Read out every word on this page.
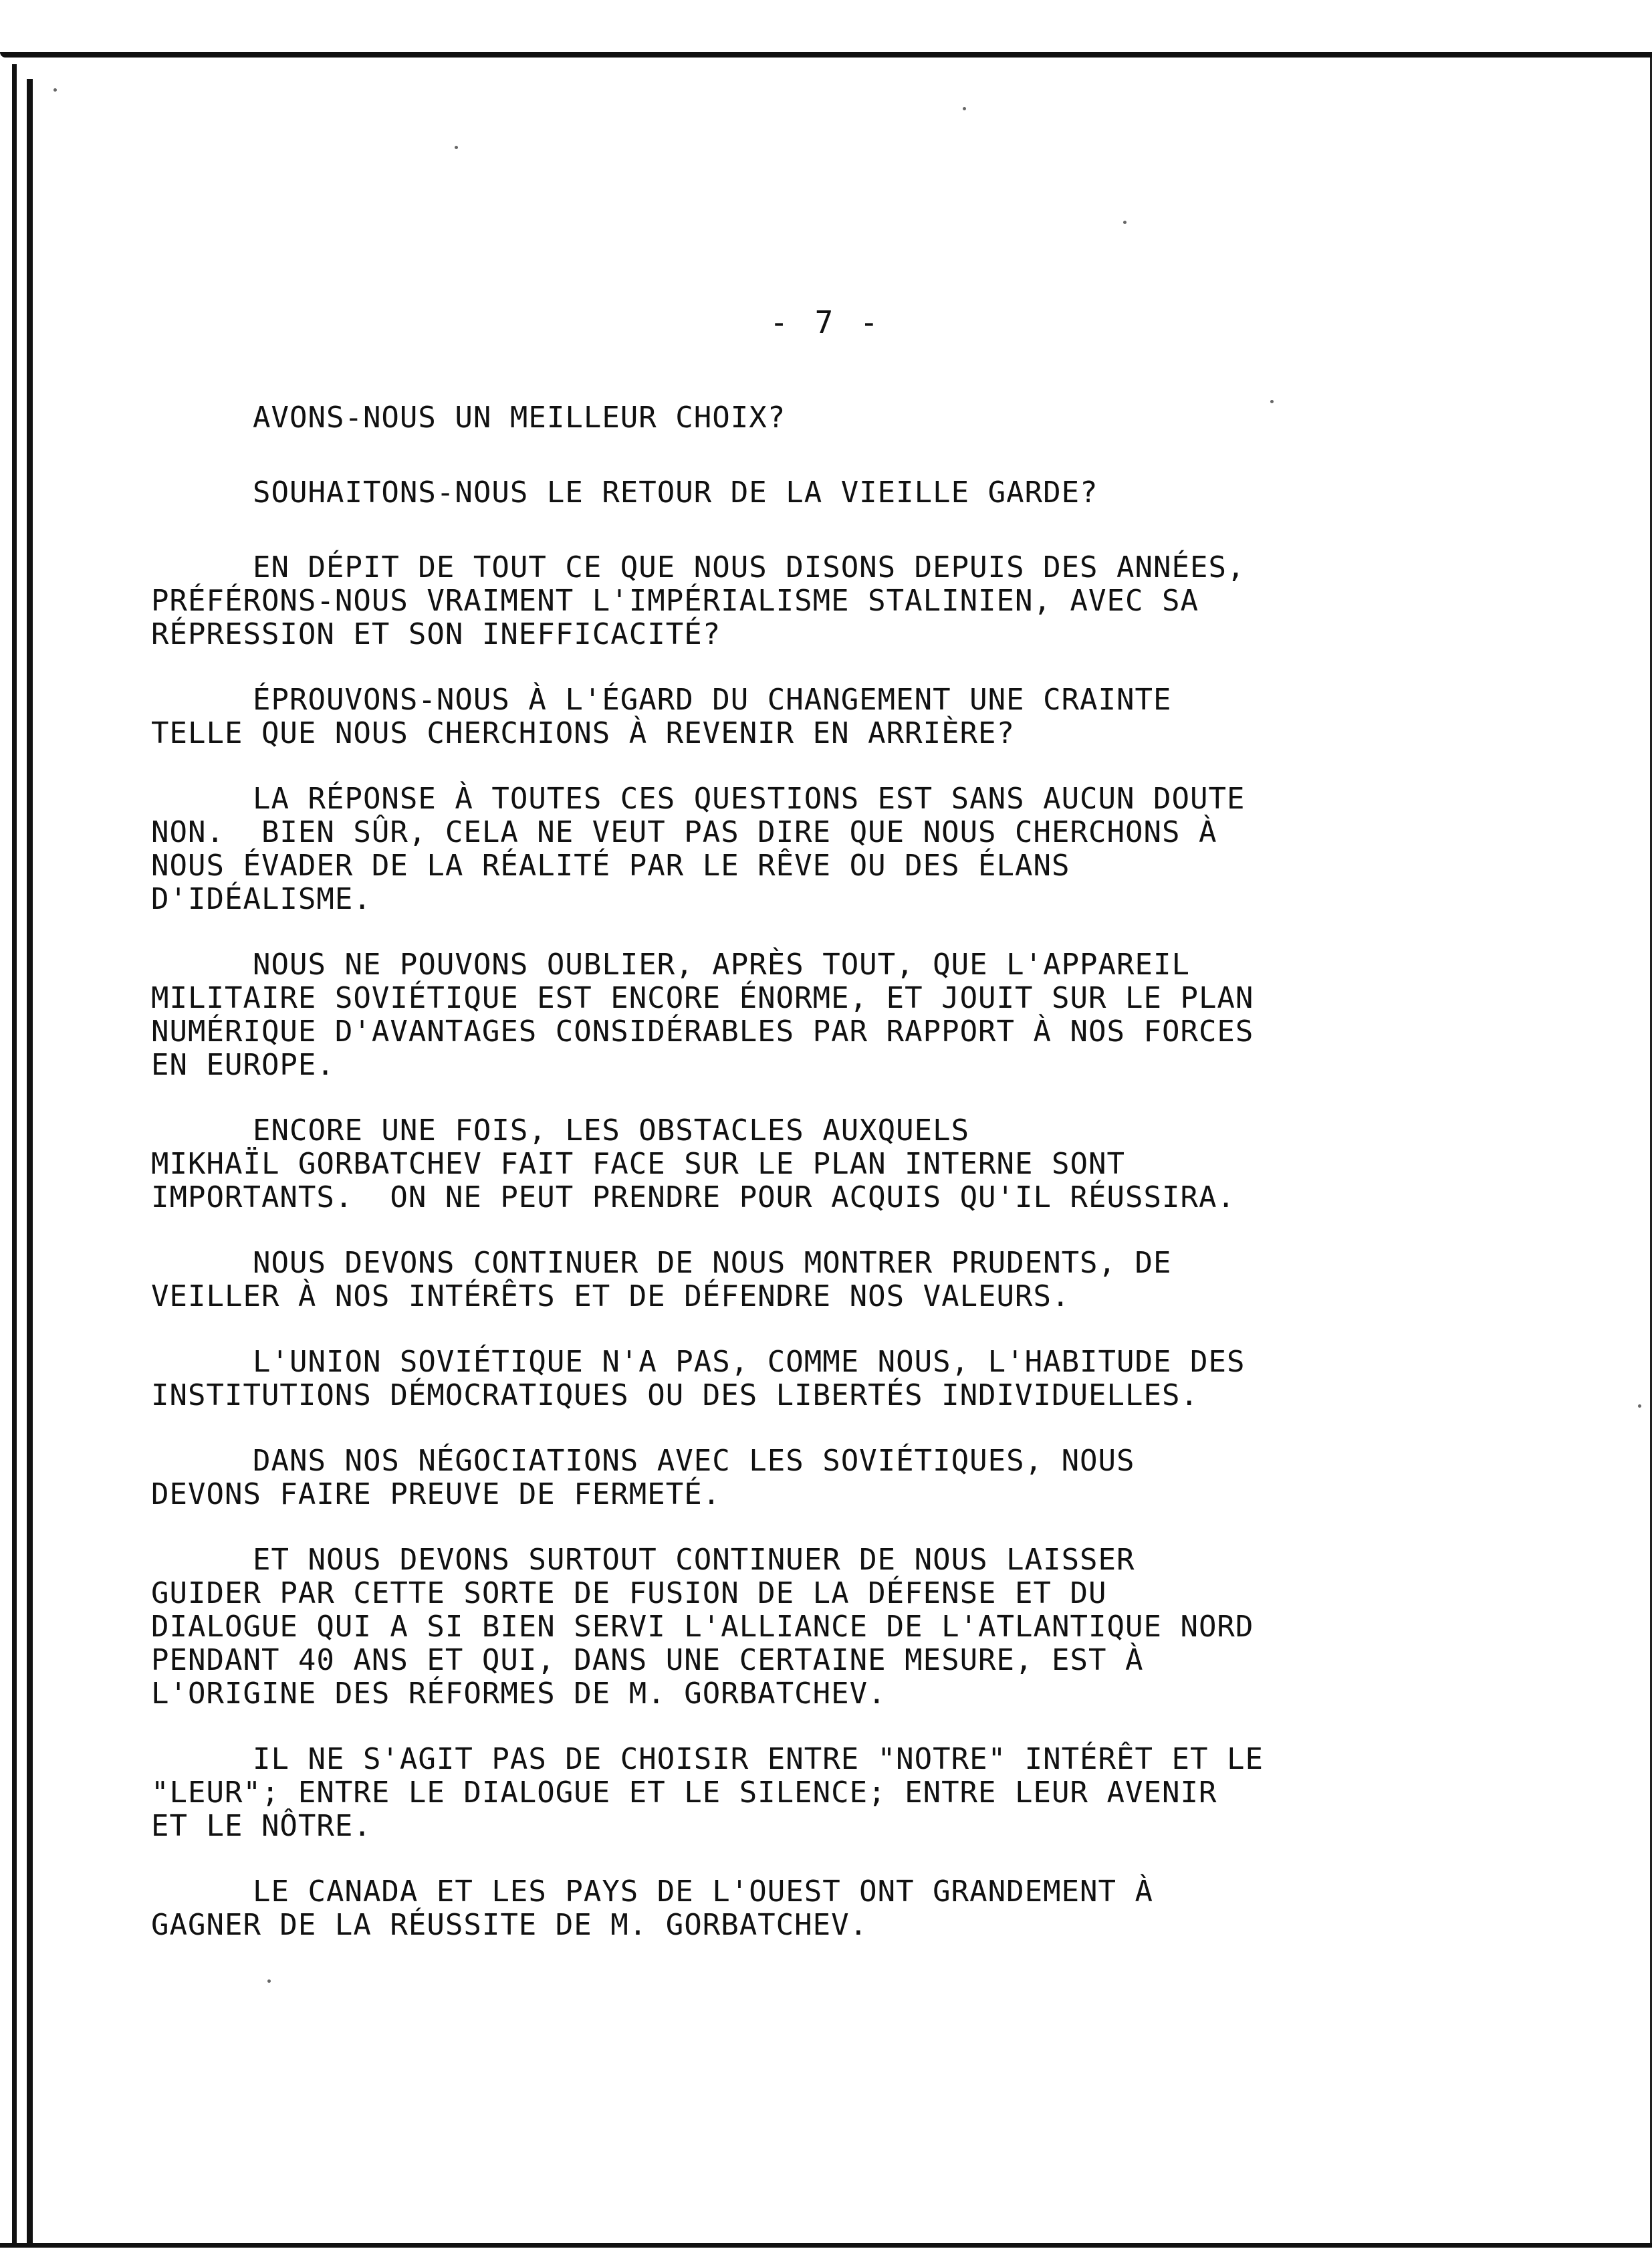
- 7 -
AVONS-NOUS UN MEILLEUR CHOIX?
SOUHAITONS-NOUS LE RETOUR DE LA VIEILLE GARDE?
EN DÉPIT DE TOUT CE QUE NOUS DISONS DEPUIS DES ANNÉES,
PRÉFÉRONS-NOUS VRAIMENT L'IMPÉRIALISME STALINIEN, AVEC SA
RÉPRESSION ET SON INEFFICACITÉ?
ÉPROUVONS-NOUS À L'ÉGARD DU CHANGEMENT UNE CRAINTE
TELLE QUE NOUS CHERCHIONS À REVENIR EN ARRIÈRE?
LA RÉPONSE À TOUTES CES QUESTIONS EST SANS AUCUN DOUTE
NON.  BIEN SÛR, CELA NE VEUT PAS DIRE QUE NOUS CHERCHONS À
NOUS ÉVADER DE LA RÉALITÉ PAR LE RÊVE OU DES ÉLANS
D'IDÉALISME.
NOUS NE POUVONS OUBLIER, APRÈS TOUT, QUE L'APPAREIL
MILITAIRE SOVIÉTIQUE EST ENCORE ÉNORME, ET JOUIT SUR LE PLAN
NUMÉRIQUE D'AVANTAGES CONSIDÉRABLES PAR RAPPORT À NOS FORCES
EN EUROPE.
ENCORE UNE FOIS, LES OBSTACLES AUXQUELS
MIKHAÏL GORBATCHEV FAIT FACE SUR LE PLAN INTERNE SONT
IMPORTANTS.  ON NE PEUT PRENDRE POUR ACQUIS QU'IL RÉUSSIRA.
NOUS DEVONS CONTINUER DE NOUS MONTRER PRUDENTS, DE
VEILLER À NOS INTÉRÊTS ET DE DÉFENDRE NOS VALEURS.
L'UNION SOVIÉTIQUE N'A PAS, COMME NOUS, L'HABITUDE DES
INSTITUTIONS DÉMOCRATIQUES OU DES LIBERTÉS INDIVIDUELLES.
DANS NOS NÉGOCIATIONS AVEC LES SOVIÉTIQUES, NOUS
DEVONS FAIRE PREUVE DE FERMETÉ.
ET NOUS DEVONS SURTOUT CONTINUER DE NOUS LAISSER
GUIDER PAR CETTE SORTE DE FUSION DE LA DÉFENSE ET DU
DIALOGUE QUI A SI BIEN SERVI L'ALLIANCE DE L'ATLANTIQUE NORD
PENDANT 40 ANS ET QUI, DANS UNE CERTAINE MESURE, EST À
L'ORIGINE DES RÉFORMES DE M. GORBATCHEV.
IL NE S'AGIT PAS DE CHOISIR ENTRE "NOTRE" INTÉRÊT ET LE
"LEUR"; ENTRE LE DIALOGUE ET LE SILENCE; ENTRE LEUR AVENIR
ET LE NÔTRE.
LE CANADA ET LES PAYS DE L'OUEST ONT GRANDEMENT À
GAGNER DE LA RÉUSSITE DE M. GORBATCHEV.
